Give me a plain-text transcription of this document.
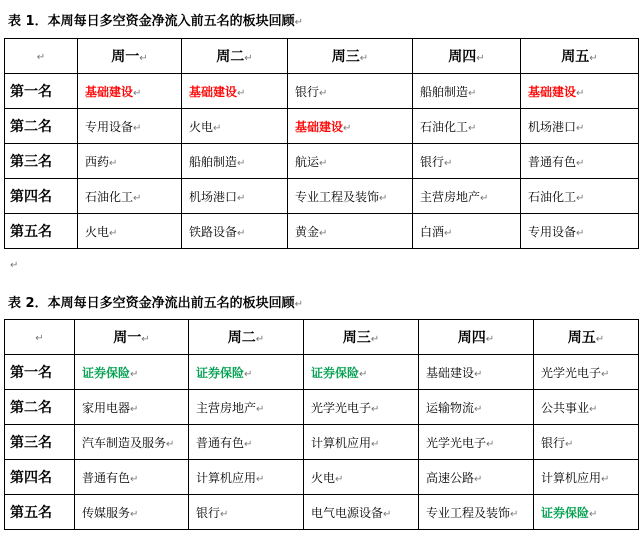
表 1．本周每日多空资金净流入前五名的板块回顾↵
↵	周一↵	周二↵	周三↵	周四↵	周五↵
第一名	基础建设↵	基础建设↵	银行↵	船舶制造↵	基础建设↵
第二名	专用设备↵	火电↵	基础建设↵	石油化工↵	机场港口↵
第三名	西药↵	船舶制造↵	航运↵	银行↵	普通有色↵
第四名	石油化工↵	机场港口↵	专业工程及装饰↵	主营房地产↵	石油化工↵
第五名	火电↵	铁路设备↵	黄金↵	白酒↵	专用设备↵
↵
表 2．本周每日多空资金净流出前五名的板块回顾↵
↵	周一↵	周二↵	周三↵	周四↵	周五↵
第一名	证券保险↵	证券保险↵	证券保险↵	基础建设↵	光学光电子↵
第二名	家用电器↵	主营房地产↵	光学光电子↵	运输物流↵	公共事业↵
第三名	汽车制造及服务↵	普通有色↵	计算机应用↵	光学光电子↵	银行↵
第四名	普通有色↵	计算机应用↵	火电↵	高速公路↵	计算机应用↵
第五名	传媒服务↵	银行↵	电气电源设备↵	专业工程及装饰↵	证券保险↵
